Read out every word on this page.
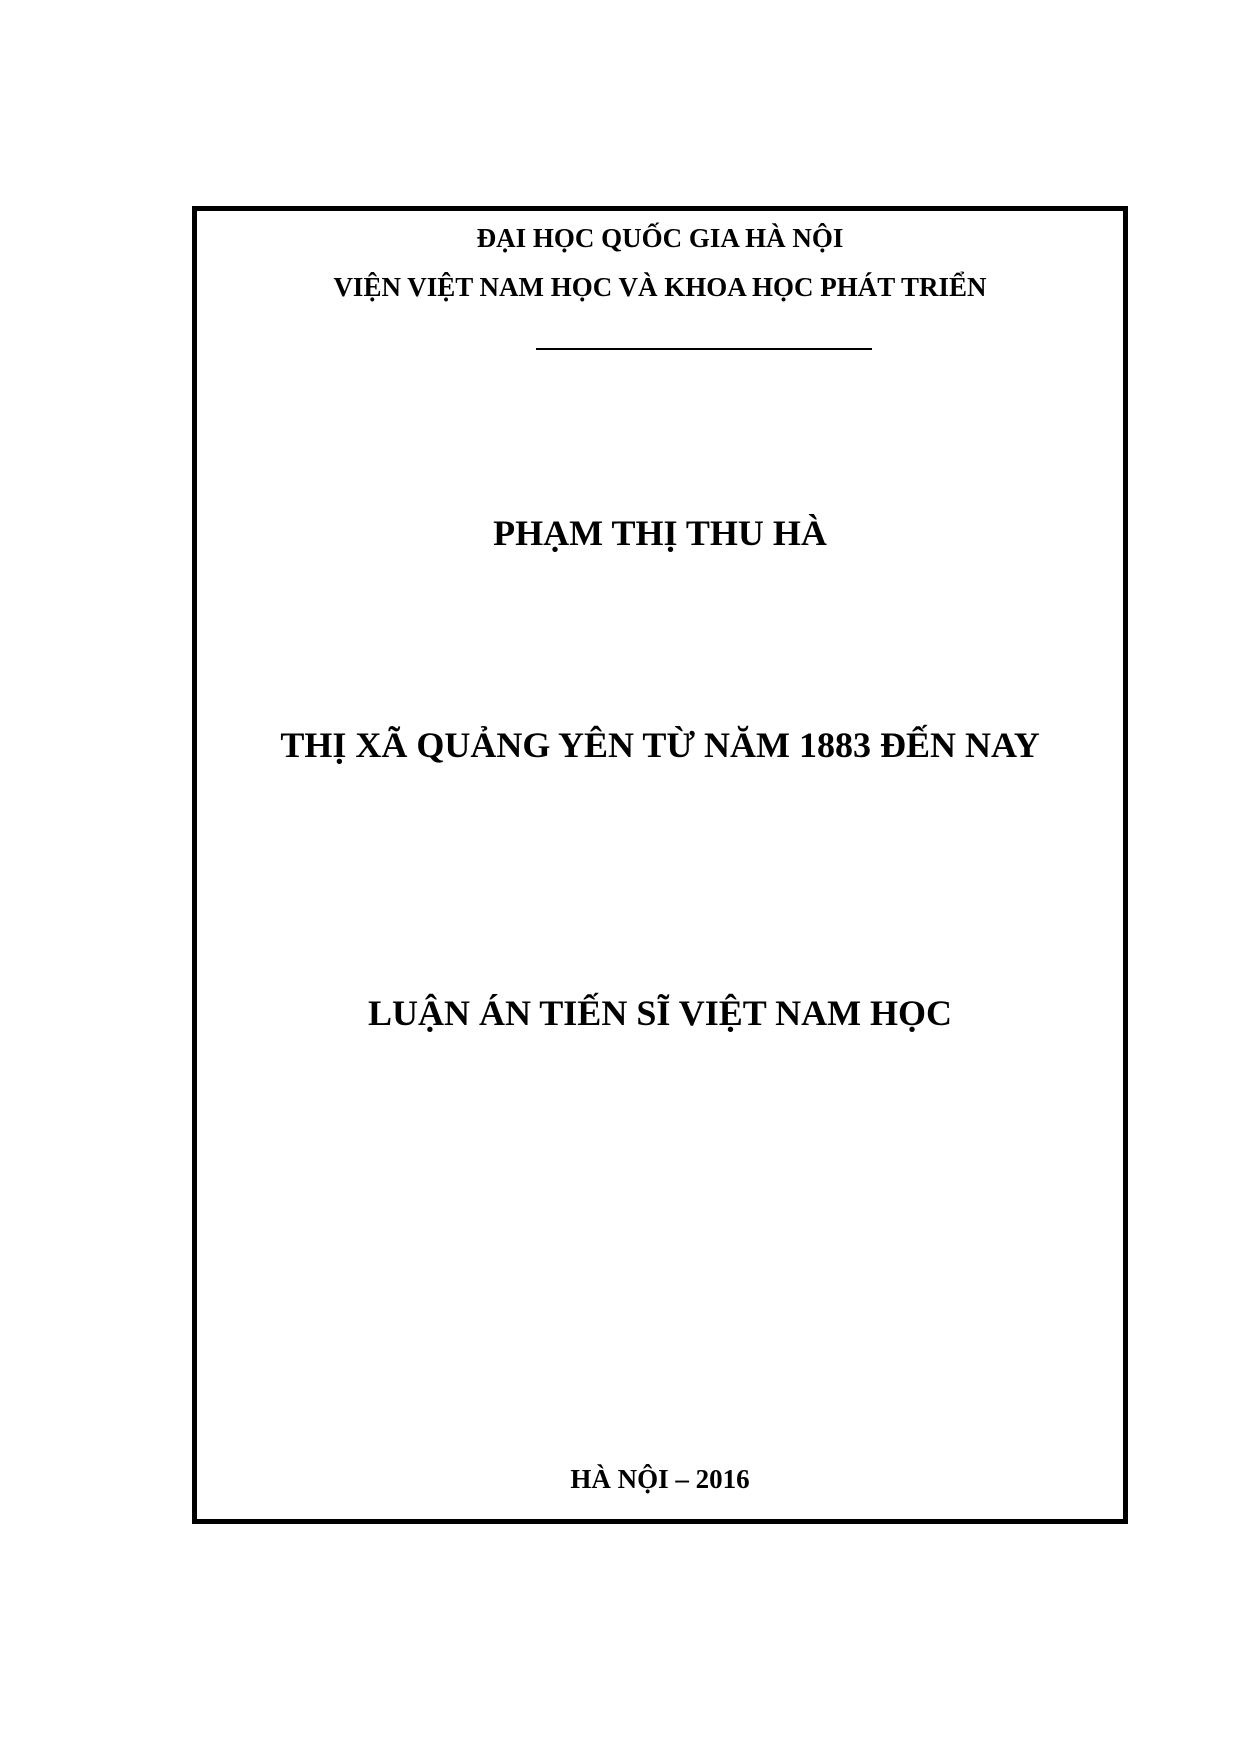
ĐẠI HỌC QUỐC GIA HÀ NỘI
VIỆN VIỆT NAM HỌC VÀ KHOA HỌC PHÁT TRIỂN
PHẠM THỊ THU HÀ
THỊ XÃ QUẢNG YÊN TỪ NĂM 1883 ĐẾN NAY
LUẬN ÁN TIẾN SĨ VIỆT NAM HỌC
HÀ NỘI – 2016
